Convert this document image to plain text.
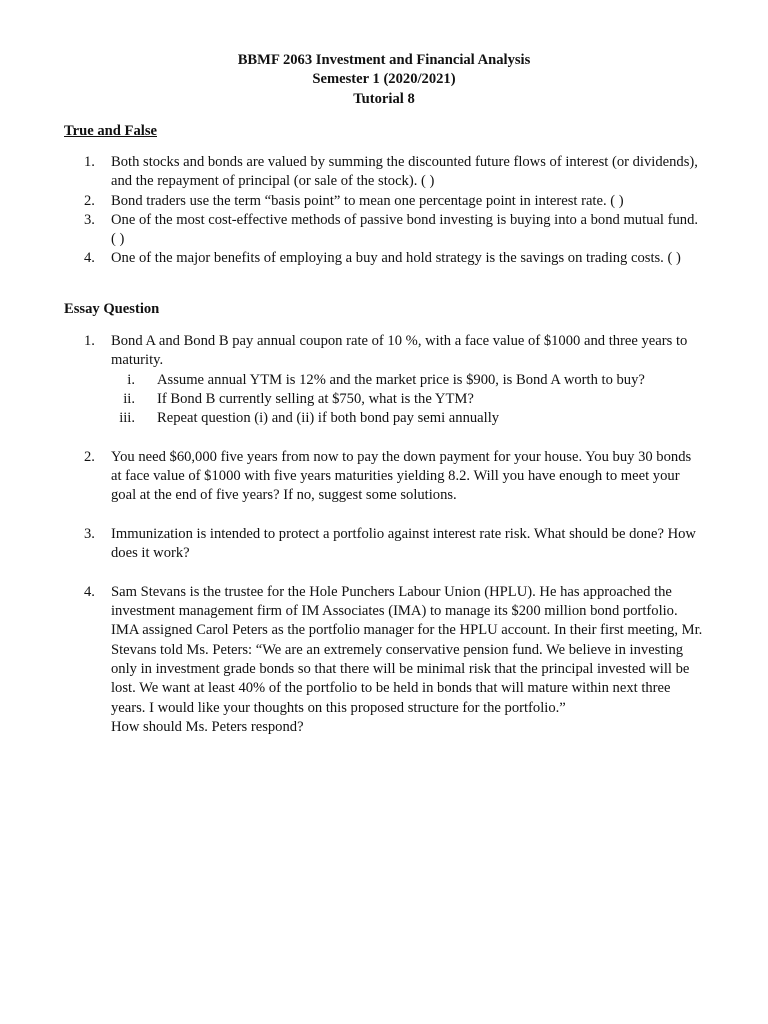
BBMF 2063 Investment and Financial Analysis
Semester 1 (2020/2021)
Tutorial 8
True and False
1. Both stocks and bonds are valued by summing the discounted future flows of interest (or dividends), and the repayment of principal (or sale of the stock). ( )
2. Bond traders use the term “basis point” to mean one percentage point in interest rate. ( )
3. One of the most cost-effective methods of passive bond investing is buying into a bond mutual fund. ( )
4. One of the major benefits of employing a buy and hold strategy is the savings on trading costs. ( )
Essay Question
1. Bond A and Bond B pay annual coupon rate of 10 %, with a face value of $1000 and three years to maturity.
i. Assume annual YTM is 12% and the market price is $900, is Bond A worth to buy?
ii. If Bond B currently selling at $750, what is the YTM?
iii. Repeat question (i) and (ii) if both bond pay semi annually
2. You need $60,000 five years from now to pay the down payment for your house. You buy 30 bonds at face value of $1000 with five years maturities yielding 8.2. Will you have enough to meet your goal at the end of five years? If no, suggest some solutions.
3. Immunization is intended to protect a portfolio against interest rate risk. What should be done? How does it work?
4. Sam Stevans is the trustee for the Hole Punchers Labour Union (HPLU). He has approached the investment management firm of IM Associates (IMA) to manage its $200 million bond portfolio. IMA assigned Carol Peters as the portfolio manager for the HPLU account. In their first meeting, Mr. Stevans told Ms. Peters: “We are an extremely conservative pension fund. We believe in investing only in investment grade bonds so that there will be minimal risk that the principal invested will be lost. We want at least 40% of the portfolio to be held in bonds that will mature within next three years. I would like your thoughts on this proposed structure for the portfolio.”
How should Ms. Peters respond?
